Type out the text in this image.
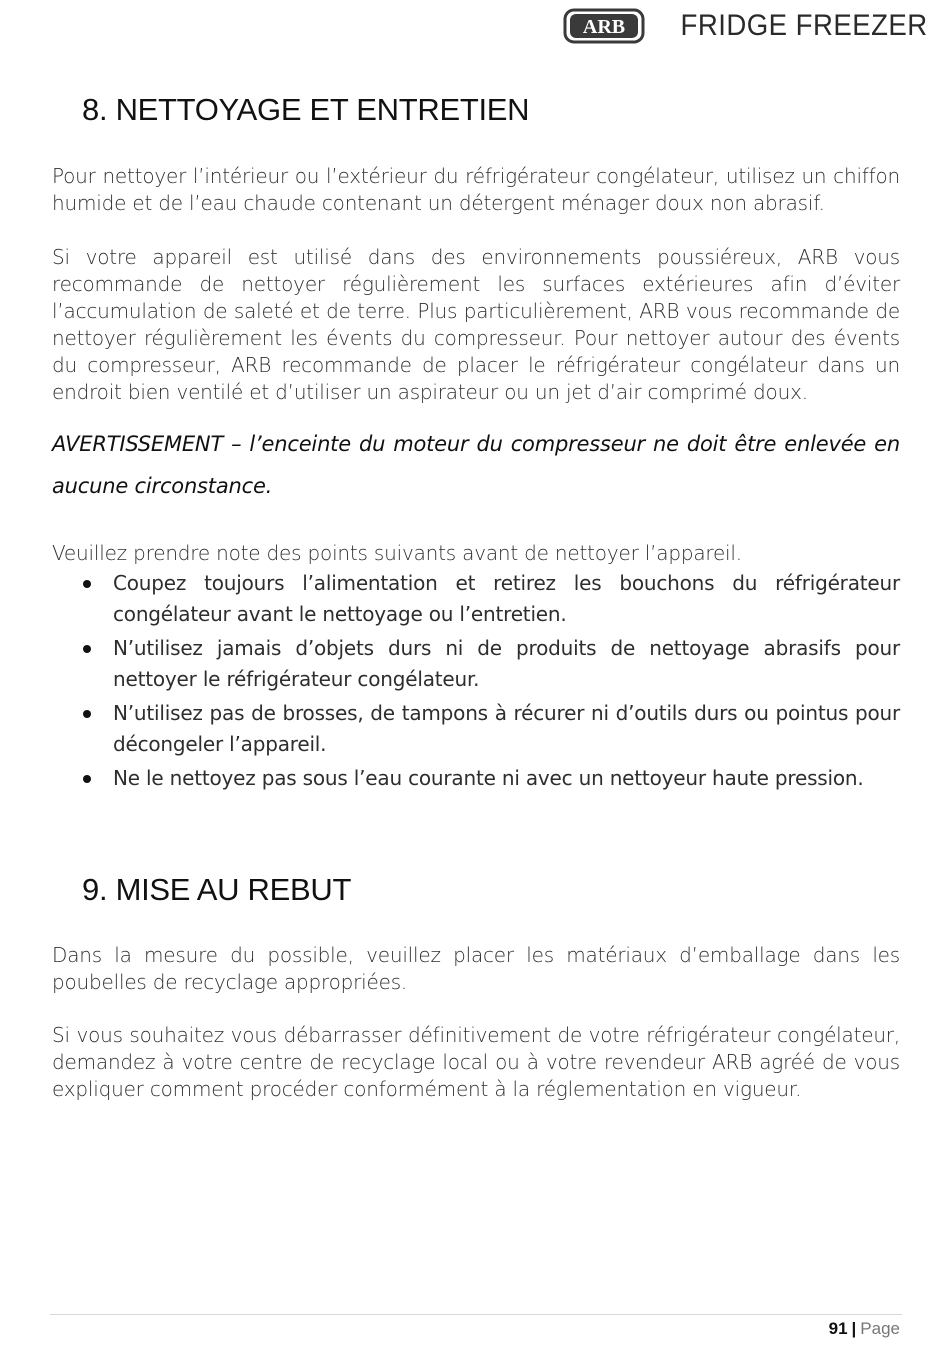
ARB FRIDGE FREEZER
8. NETTOYAGE ET ENTRETIEN

Pour nettoyer l’intérieur ou l’extérieur du réfrigérateur congélateur, utilisez un chiffon humide et de l’eau chaude contenant un détergent ménager doux non abrasif.

Si votre appareil est utilisé dans des environnements poussiéreux, ARB vous recommande de nettoyer régulièrement les surfaces extérieures afin d’éviter l’accumulation de saleté et de terre. Plus particulièrement, ARB vous recommande de nettoyer régulièrement les évents du compresseur. Pour nettoyer autour des évents du compresseur, ARB recommande de placer le réfrigérateur congélateur dans un endroit bien ventilé et d’utiliser un aspirateur ou un jet d’air comprimé doux.

AVERTISSEMENT – l’enceinte du moteur du compresseur ne doit être enlevée en aucune circonstance.

Veuillez prendre note des points suivants avant de nettoyer l’appareil.

Coupez toujours l’alimentation et retirez les bouchons du réfrigérateur congélateur avant le nettoyage ou l’entretien.
N’utilisez jamais d’objets durs ni de produits de nettoyage abrasifs pour nettoyer le réfrigérateur congélateur.
N’utilisez pas de brosses, de tampons à récurer ni d’outils durs ou pointus pour décongeler l’appareil.
Ne le nettoyez pas sous l’eau courante ni avec un nettoyeur haute pression.
9. MISE AU REBUT

Dans la mesure du possible, veuillez placer les matériaux d’emballage dans les poubelles de recyclage appropriées.

Si vous souhaitez vous débarrasser définitivement de votre réfrigérateur congélateur, demandez à votre centre de recyclage local ou à votre revendeur ARB agréé de vous expliquer comment procéder conformément à la réglementation en vigueur.

91 | Page
